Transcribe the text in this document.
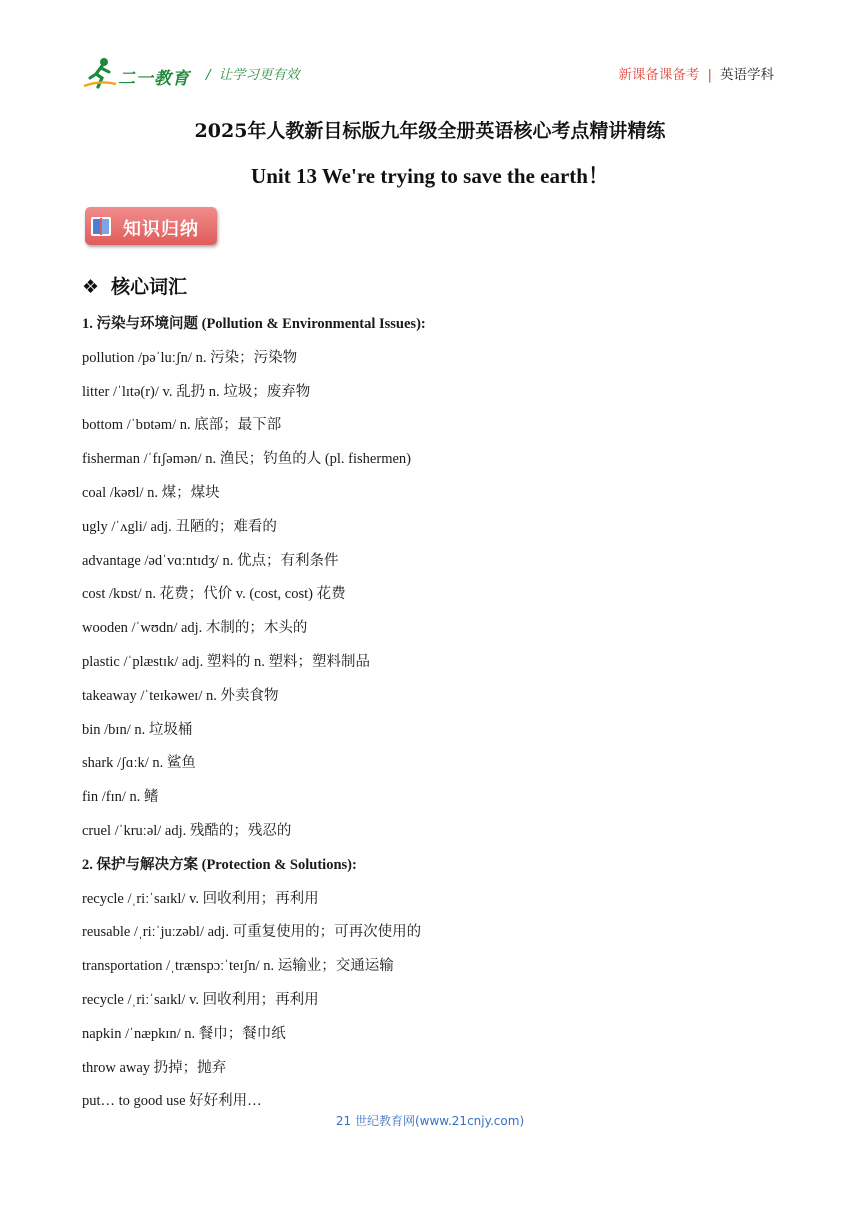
二一教育 / 让学习更有效	新课备课备考 | 英语学科
2025年人教新目标版九年级全册英语核心考点精讲精练
Unit 13 We're trying to save the earth！
知识归纳
❖ 核心词汇
1. 污染与环境问题 (Pollution & Environmental Issues):
pollution /pəˈluːʃn/ n. 污染；污染物
litter /ˈlɪtə(r)/ v. 乱扔 n. 垃圾；废弃物
bottom /ˈbɒtəm/ n. 底部；最下部
fisherman /ˈfɪʃəmən/ n. 渔民；钓鱼的人 (pl. fishermen)
coal /kəʊl/ n. 煤；煤块
ugly /ˈʌgli/ adj. 丑陋的；难看的
advantage /ədˈvɑːntɪdʒ/ n. 优点；有利条件
cost /kɒst/ n. 花费；代价 v. (cost, cost) 花费
wooden /ˈwʊdn/ adj. 木制的；木头的
plastic /ˈplæstɪk/ adj. 塑料的 n. 塑料；塑料制品
takeaway /ˈteɪkəweɪ/ n. 外卖食物
bin /bɪn/ n. 垃圾桶
shark /ʃɑːk/ n. 鲨鱼
fin /fɪn/ n. 鳍
cruel /ˈkruːəl/ adj. 残酷的；残忍的
2. 保护与解决方案 (Protection & Solutions):
recycle /ˌriːˈsaɪkl/ v. 回收利用；再利用
reusable /ˌriːˈjuːzəbl/ adj. 可重复使用的；可再次使用的
transportation /ˌtrænspɔːˈteɪʃn/ n. 运输业；交通运输
recycle /ˌriːˈsaɪkl/ v. 回收利用；再利用
napkin /ˈnæpkɪn/ n. 餐巾；餐巾纸
throw away 扔掉；抛弃
put… to good use 好好利用…
21 世纪教育网(www.21cnjy.com)
